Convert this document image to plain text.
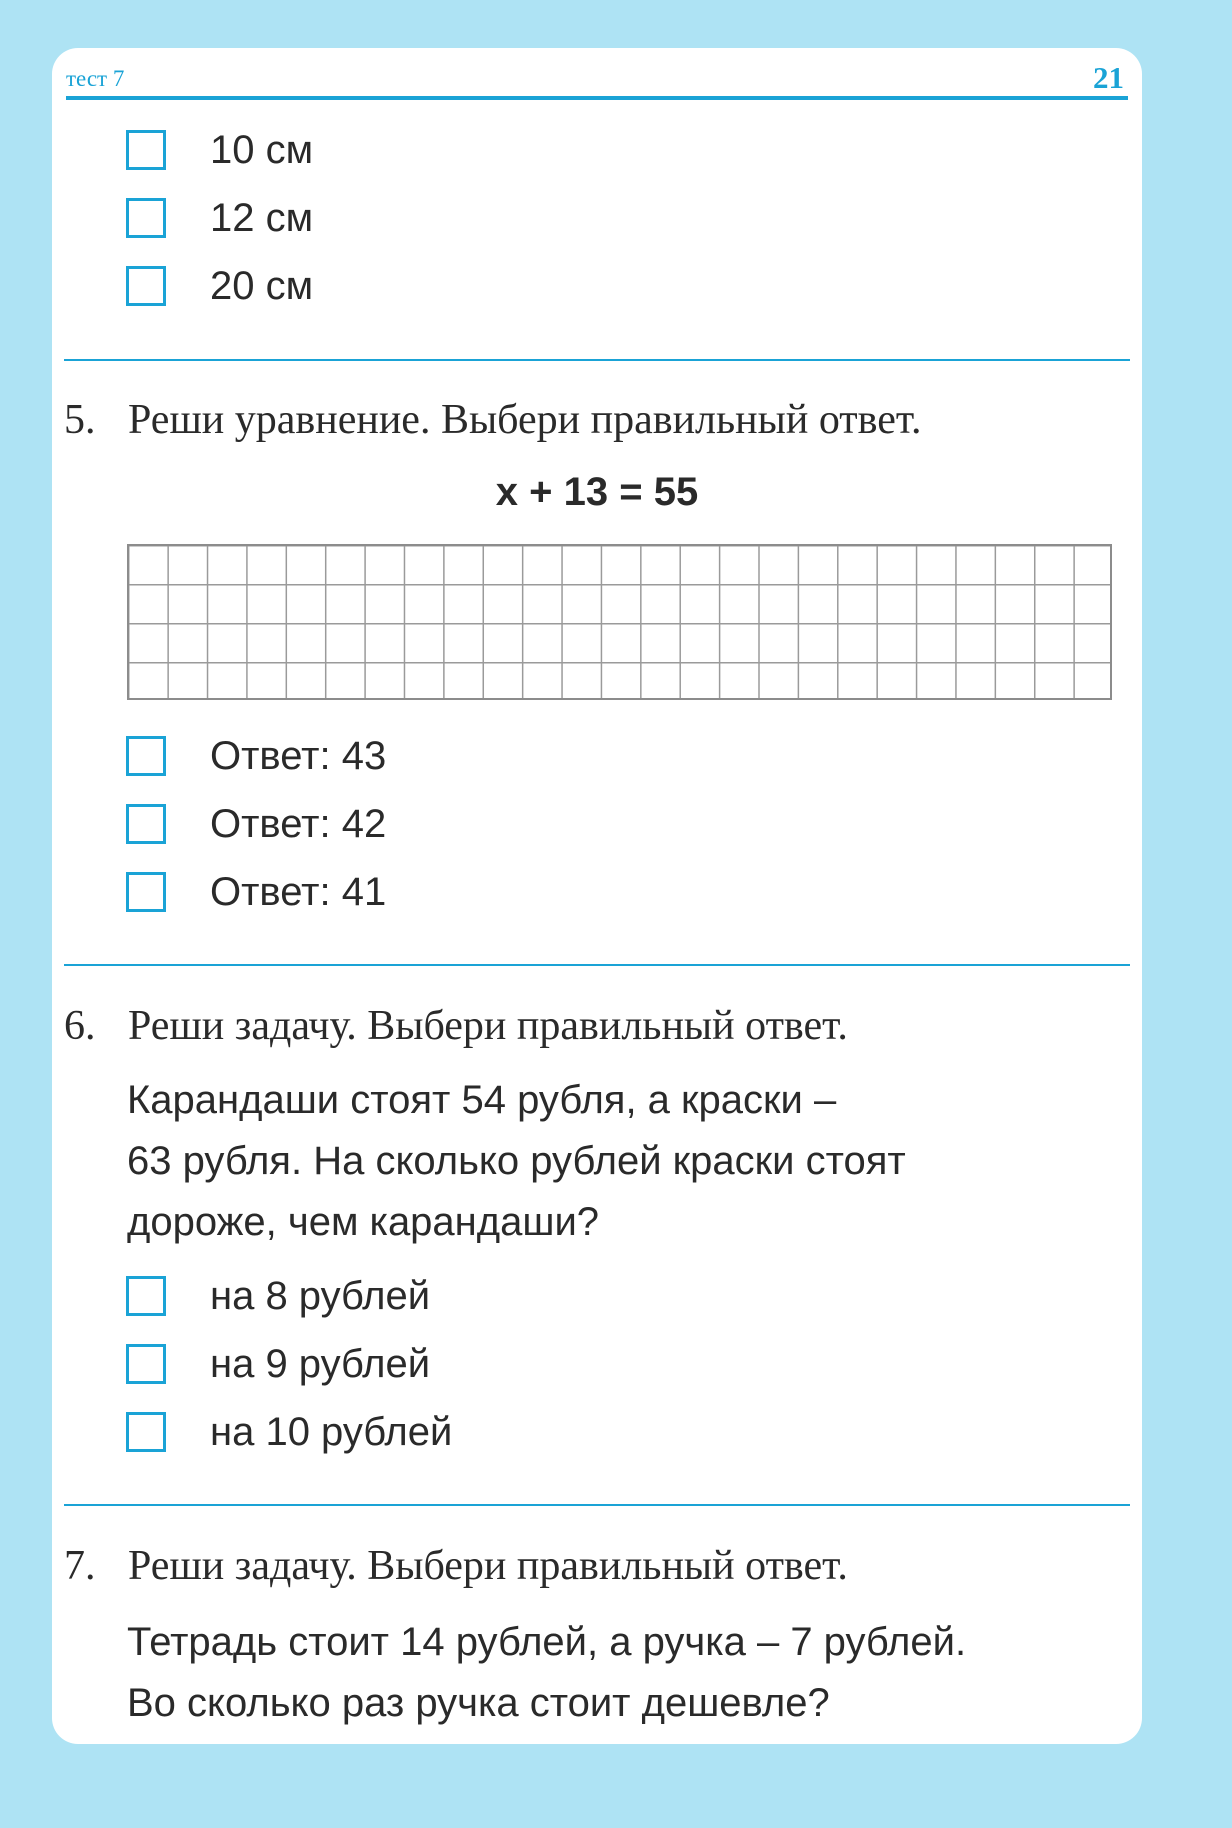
тест 7	21
10 см
12 см
20 см
5. Реши уравнение. Выбери правильный ответ.
x + 13 = 55
Ответ: 43
Ответ: 42
Ответ: 41
6. Реши задачу. Выбери правильный ответ.
Карандаши стоят 54 рубля, а краски –
63 рубля. На сколько рублей краски стоят
дороже, чем карандаши?
на 8 рублей
на 9 рублей
на 10 рублей
7. Реши задачу. Выбери правильный ответ.
Тетрадь стоит 14 рублей, а ручка – 7 рублей.
Во сколько раз ручка стоит дешевле?
